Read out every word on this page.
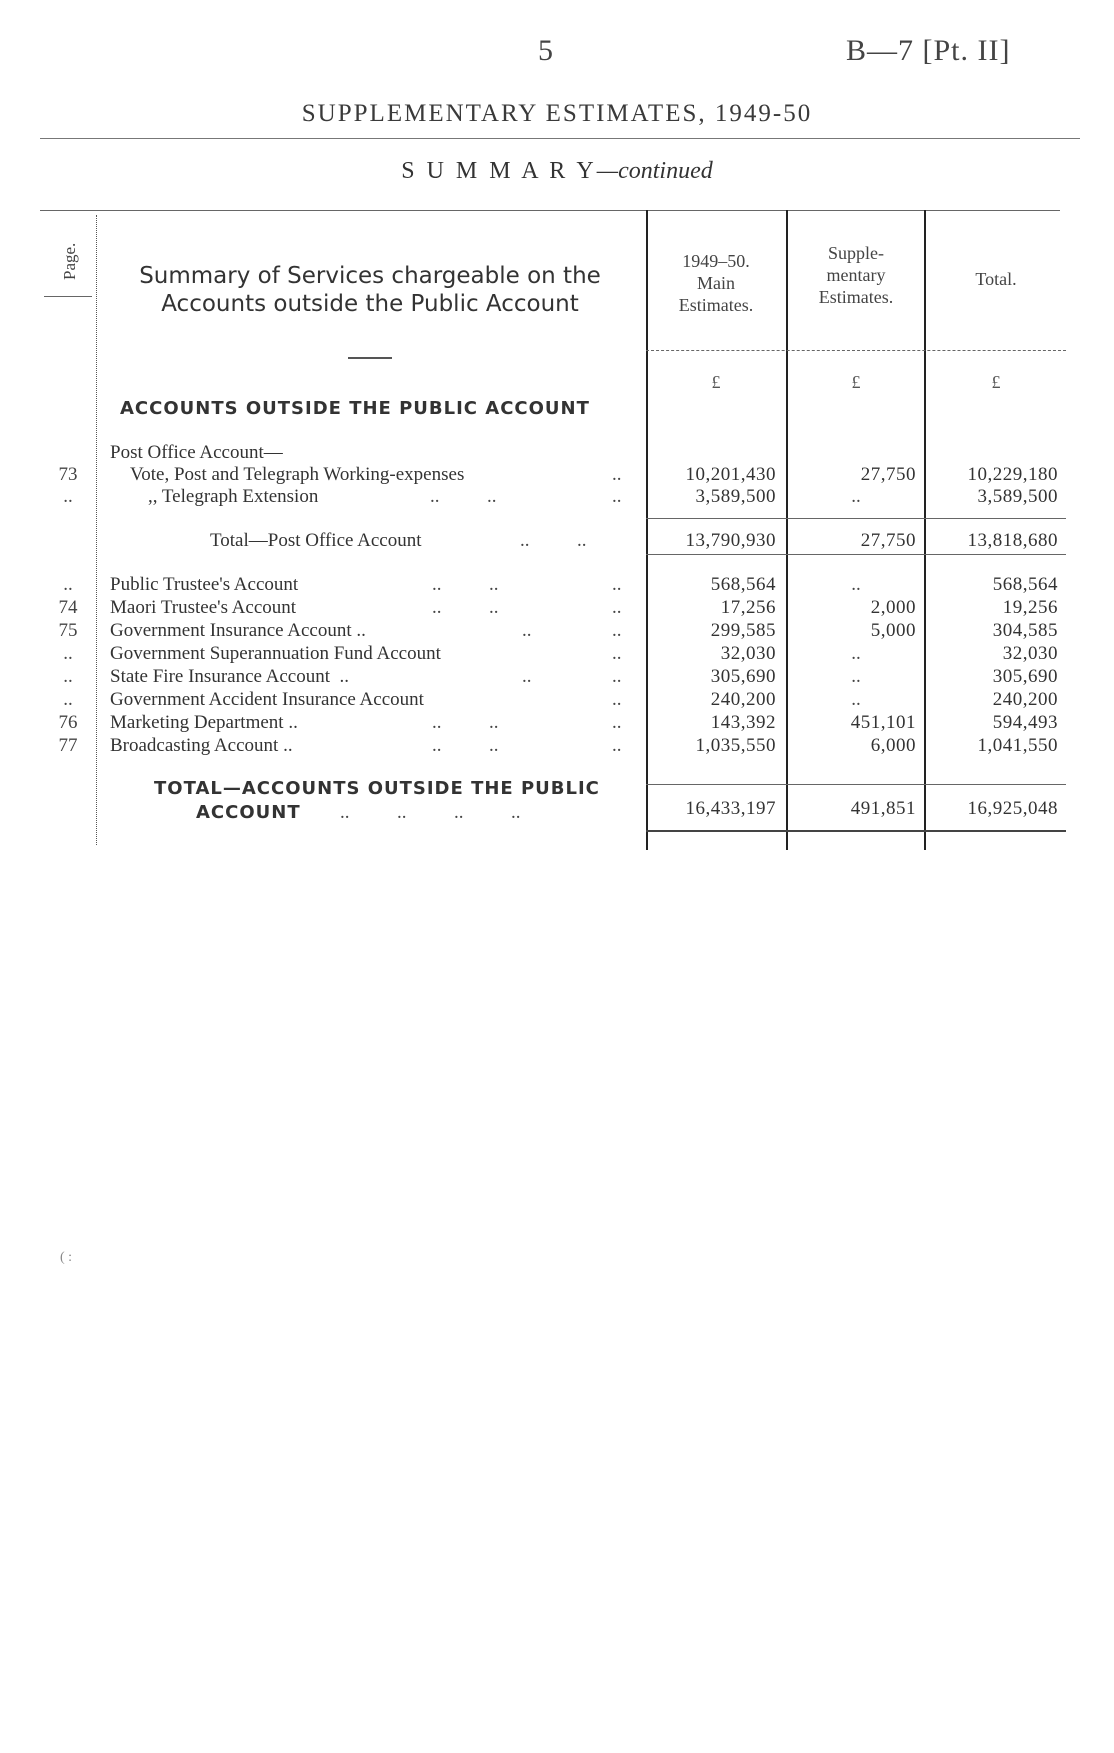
5	B—7 [Pt. II]
SUPPLEMENTARY ESTIMATES, 1949-50
S U M M A R Y—continued
Page.	Summary of Services chargeable on the
Accounts outside the Public Account
1949–50.
Main
Estimates.
Supple-
mentary
Estimates.
Total.
£	£	£
ACCOUNTS OUTSIDE THE PUBLIC ACCOUNT
Post Office Account—
73	Vote, Post and Telegraph Working-expenses	..	10,201,430	27,750	10,229,180
..	,, Telegraph Extension	..          ..	..	3,589,500	..	3,589,500
Total—Post Office Account	..          ..	13,790,930	27,750	13,818,680
..	Public Trustee's Account	..          ..	..	568,564	..	568,564
74	Maori Trustee's Account	..          ..	..	17,256	2,000	19,256
75	Government Insurance Account ..	..	..	299,585	5,000	304,585
..	Government Superannuation Fund Account	..	32,030	..	32,030
..	State Fire Insurance Account  ..	..	..	305,690	..	305,690
..	Government Accident Insurance Account	..	240,200	..	240,200
76	Marketing Department ..	..          ..	..	143,392	451,101	594,493
77	Broadcasting Account ..	..          ..	..	1,035,550	6,000	1,041,550
TOTAL—ACCOUNTS OUTSIDE THE PUBLIC
ACCOUNT ..          ..          ..          ..	16,433,197	491,851	16,925,048
( :
